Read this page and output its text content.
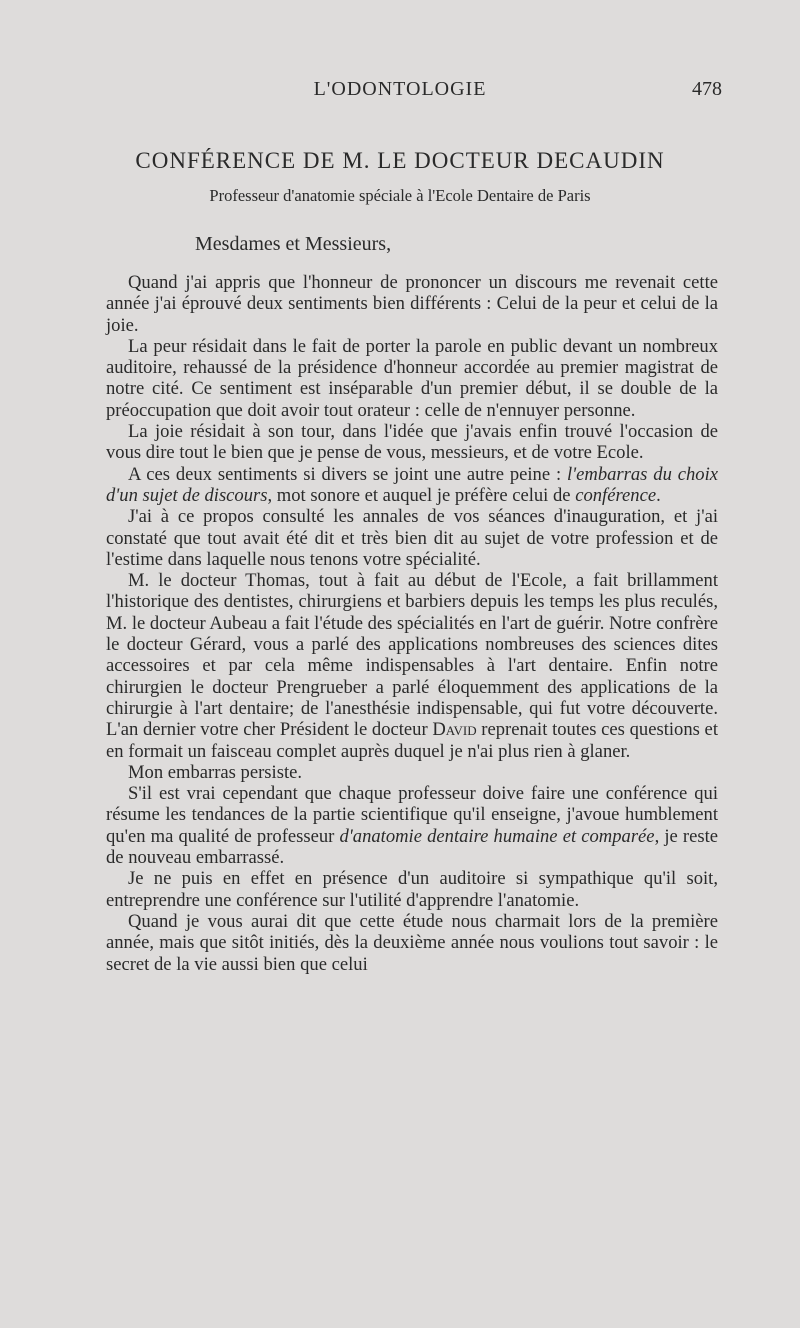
L'ODONTOLOGIE	478
CONFÉRENCE DE M. LE DOCTEUR DECAUDIN
Professeur d'anatomie spéciale à l'Ecole Dentaire de Paris
Mesdames et Messieurs,

Quand j'ai appris que l'honneur de prononcer un discours me revenait cette année j'ai éprouvé deux sentiments bien différents : Celui de la peur et celui de la joie.

La peur résidait dans le fait de porter la parole en public devant un nombreux auditoire, rehaussé de la présidence d'honneur accordée au premier magistrat de notre cité. Ce sentiment est inséparable d'un premier début, il se double de la préoccupation que doit avoir tout orateur : celle de n'ennuyer personne.

La joie résidait à son tour, dans l'idée que j'avais enfin trouvé l'occasion de vous dire tout le bien que je pense de vous, messieurs, et de votre Ecole.

A ces deux sentiments si divers se joint une autre peine : l'embarras du choix d'un sujet de discours, mot sonore et auquel je préfère celui de conférence.

J'ai à ce propos consulté les annales de vos séances d'inauguration, et j'ai constaté que tout avait été dit et très bien dit au sujet de votre profession et de l'estime dans laquelle nous tenons votre spécialité.

M. le docteur Thomas, tout à fait au début de l'Ecole, a fait brillamment l'historique des dentistes, chirurgiens et barbiers depuis les temps les plus reculés, M. le docteur Aubeau a fait l'étude des spécialités en l'art de guérir. Notre confrère le docteur Gérard, vous a parlé des applications nombreuses des sciences dites accessoires et par cela même indispensables à l'art dentaire. Enfin notre chirurgien le docteur Prengrueber a parlé éloquemment des applications de la chirurgie à l'art dentaire; de l'anesthésie indispensable, qui fut votre découverte. L'an dernier votre cher Président le docteur David reprenait toutes ces questions et en formait un faisceau complet auprès duquel je n'ai plus rien à glaner.

Mon embarras persiste.

S'il est vrai cependant que chaque professeur doive faire une conférence qui résume les tendances de la partie scientifique qu'il enseigne, j'avoue humblement qu'en ma qualité de professeur d'anatomie dentaire humaine et comparée, je reste de nouveau embarrassé.

Je ne puis en effet en présence d'un auditoire si sympathique qu'il soit, entreprendre une conférence sur l'utilité d'apprendre l'anatomie.

Quand je vous aurai dit que cette étude nous charmait lors de la première année, mais que sitôt initiés, dès la deuxième année nous voulions tout savoir : le secret de la vie aussi bien que celui
